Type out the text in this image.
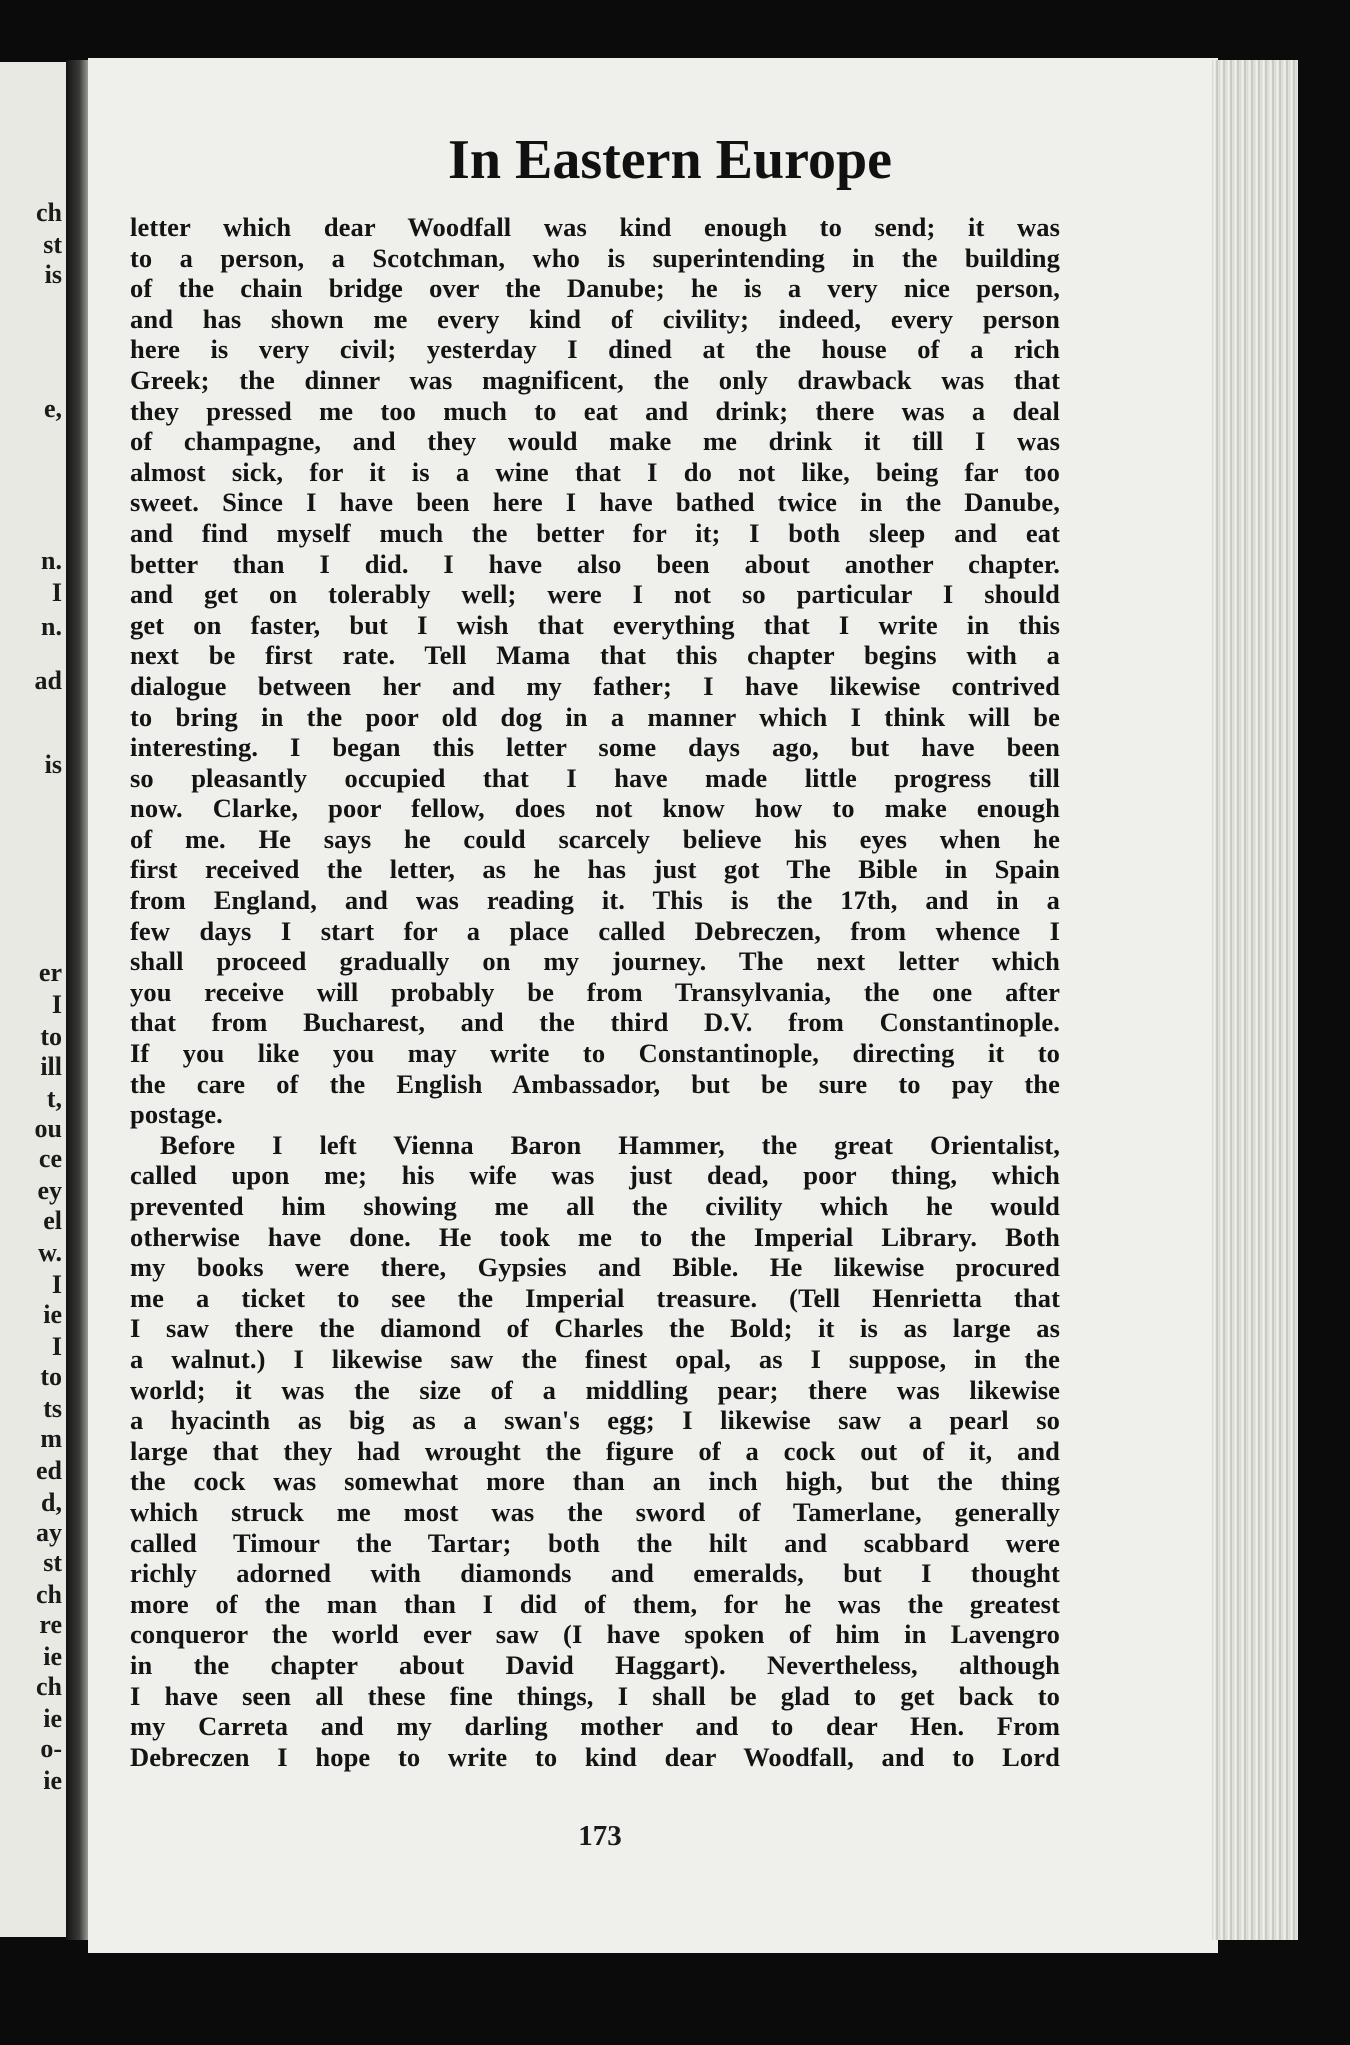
ch

st

is

e,

n.

I

n.

ad

is

er

I

to

ill

t,

ou

ce

ey

el

w.

I

ie

I

to

ts

m

ed

d,

ay

st

ch

re

ie

ch

ie

o-

ie

In Eastern Europe
letter which dear Woodfall was kind enough to send; it was
to a person, a Scotchman, who is superintending in the building
of the chain bridge over the Danube; he is a very nice person,
and has shown me every kind of civility; indeed, every person
here is very civil; yesterday I dined at the house of a rich
Greek; the dinner was magnificent, the only drawback was that
they pressed me too much to eat and drink; there was a deal
of champagne, and they would make me drink it till I was
almost sick, for it is a wine that I do not like, being far too
sweet. Since I have been here I have bathed twice in the Danube,
and find myself much the better for it; I both sleep and eat
better than I did. I have also been about another chapter.
and get on tolerably well; were I not so particular I should
get on faster, but I wish that everything that I write in this
next be first rate. Tell Mama that this chapter begins with a
dialogue between her and my father; I have likewise contrived
to bring in the poor old dog in a manner which I think will be
interesting. I began this letter some days ago, but have been
so pleasantly occupied that I have made little progress till
now. Clarke, poor fellow, does not know how to make enough
of me. He says he could scarcely believe his eyes when he
first received the letter, as he has just got The Bible in Spain
from England, and was reading it. This is the 17th, and in a
few days I start for a place called Debreczen, from whence I
shall proceed gradually on my journey. The next letter which
you receive will probably be from Transylvania, the one after
that from Bucharest, and the third D.V. from Constantinople.
If you like you may write to Constantinople, directing it to
the care of the English Ambassador, but be sure to pay the
postage.
Before I left Vienna Baron Hammer, the great Orientalist,
called upon me; his wife was just dead, poor thing, which
prevented him showing me all the civility which he would
otherwise have done. He took me to the Imperial Library. Both
my books were there, Gypsies and Bible. He likewise procured
me a ticket to see the Imperial treasure. (Tell Henrietta that
I saw there the diamond of Charles the Bold; it is as large as
a walnut.) I likewise saw the finest opal, as I suppose, in the
world; it was the size of a middling pear; there was likewise
a hyacinth as big as a swan's egg; I likewise saw a pearl so
large that they had wrought the figure of a cock out of it, and
the cock was somewhat more than an inch high, but the thing
which struck me most was the sword of Tamerlane, generally
called Timour the Tartar; both the hilt and scabbard were
richly adorned with diamonds and emeralds, but I thought
more of the man than I did of them, for he was the greatest
conqueror the world ever saw (I have spoken of him in Lavengro
in the chapter about David Haggart). Nevertheless, although
I have seen all these fine things, I shall be glad to get back to
my Carreta and my darling mother and to dear Hen. From
Debreczen I hope to write to kind dear Woodfall, and to Lord

173
